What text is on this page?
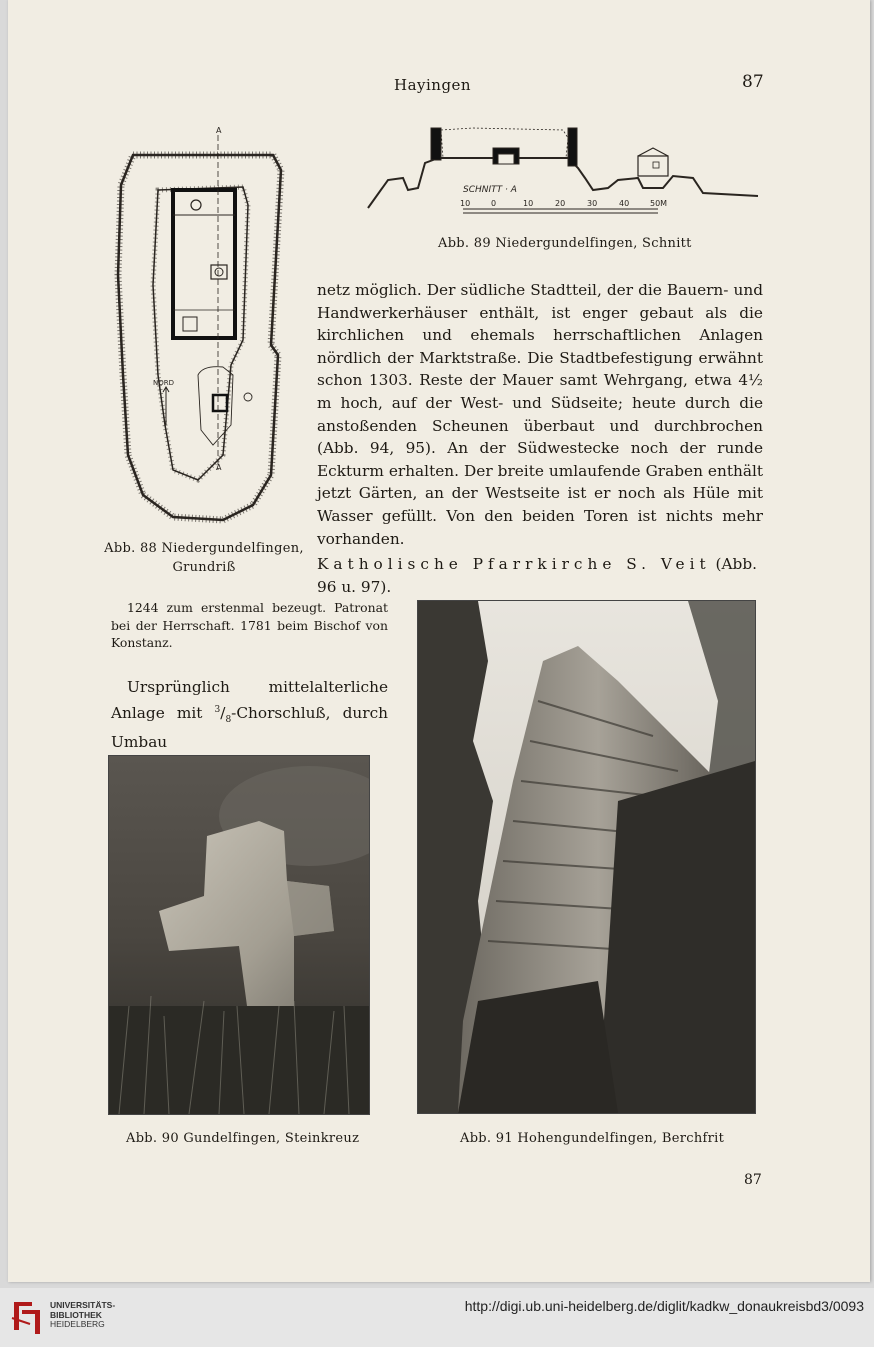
Hayingen	87
A
A
NORD
Abb. 88 Niedergundelfingen,
Grundriß
SCHNITT · A
10	0	10	20	30	40	50M
Abb. 89 Niedergundelfingen, Schnitt

netz möglich. Der südliche Stadtteil, der die Bauern- und Handwerkerhäuser enthält, ist enger gebaut als die kirchlichen und ehemals herrschaftlichen Anlagen nördlich der Marktstraße. Die Stadtbefestigung erwähnt schon 1303. Reste der Mauer samt Wehrgang, etwa 4½ m hoch, auf der West- und Südseite; heute durch die anstoßenden Scheunen überbaut und durchbrochen (Abb. 94, 95). An der Südwestecke noch der runde Eckturm erhalten. Der breite umlaufende Graben enthält jetzt Gärten, an der Westseite ist er noch als Hüle mit Wasser gefüllt. Von den beiden Toren ist nichts mehr vorhanden.

Katholische Pfarrkirche S. Veit (Abb. 96 u. 97).

1244 zum erstenmal bezeugt. Patronat bei der Herrschaft. 1781 beim Bischof von Konstanz.

Ursprünglich mittelalterliche Anlage mit $^3/_8$-Chorschluß, durch Umbau

Abb. 90 Gundelfingen, Steinkreuz	Abb. 91 Hohengundelfingen, Berchfrit
87
UNIVERSITÄTS-
BIBLIOTHEK
HEIDELBERG
http://digi.ub.uni-heidelberg.de/diglit/kadkw_donaukreisbd3/0093
